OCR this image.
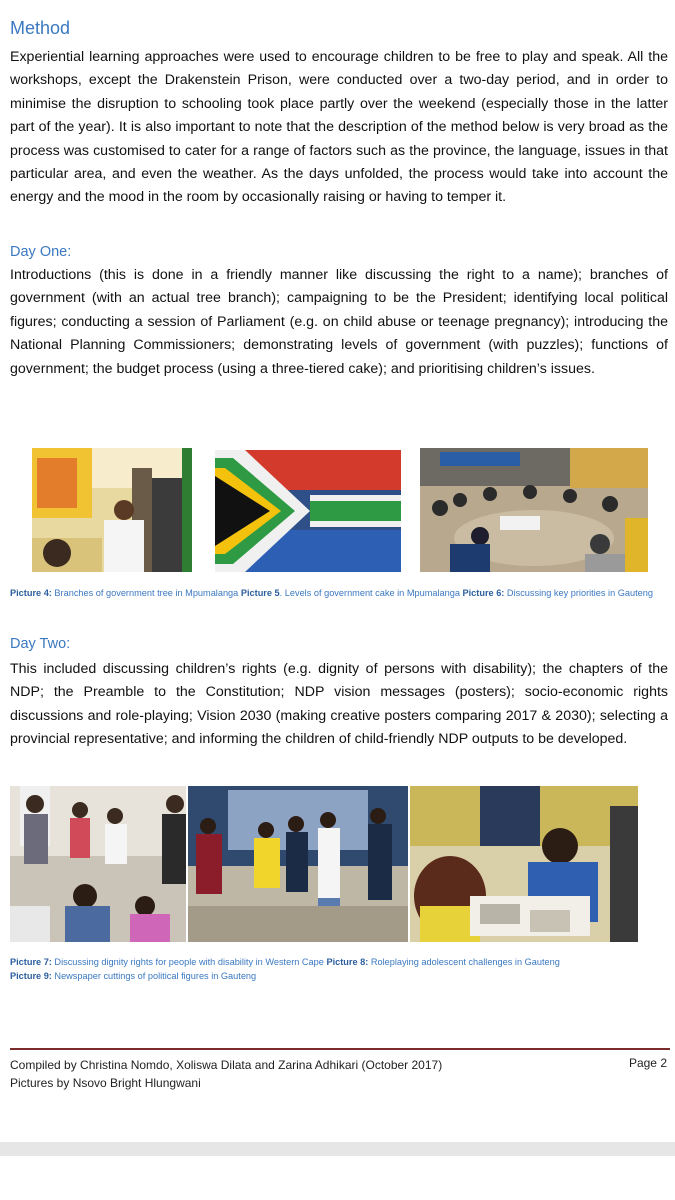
Method

Experiential learning approaches were used to encourage children to be free to play and speak. All the workshops, except the Drakenstein Prison, were conducted over a two-day period, and in order to minimise the disruption to schooling took place partly over the weekend (especially those in the latter part of the year). It is also important to note that the description of the method below is very broad as the process was customised to cater for a range of factors such as the province, the language, issues in that particular area, and even the weather. As the days unfolded, the process would take into account the energy and the mood in the room by occasionally raising or having to temper it.

Day One:

Introductions (this is done in a friendly manner like discussing the right to a name); branches of government (with an actual tree branch); campaigning to be the President; identifying local political figures; conducting a session of Parliament (e.g. on child abuse or teenage pregnancy); introducing the National Planning Commissioners; demonstrating levels of government (with puzzles); functions of government; the budget process (using a three-tiered cake); and prioritising children’s issues.

Picture 4: Branches of government tree in Mpumalanga Picture 5. Levels of government cake in Mpumalanga Picture 6: Discussing key priorities in Gauteng
Day Two:

This included discussing children’s rights (e.g. dignity of persons with disability); the chapters of the NDP; the Preamble to the Constitution; NDP vision messages (posters); socio-economic rights discussions and role-playing; Vision 2030 (making creative posters comparing 2017 & 2030); selecting a provincial representative; and informing the children of child-friendly NDP outputs to be developed.

Picture 7: Discussing dignity rights for people with disability in Western Cape Picture 8: Roleplaying adolescent challenges in Gauteng
Picture 9: Newspaper cuttings of political figures in Gauteng
Compiled by Christina Nomdo, Xoliswa Dilata and Zarina Adhikari (October 2017)
Pictures by Nsovo Bright Hlungwani
Page 2
